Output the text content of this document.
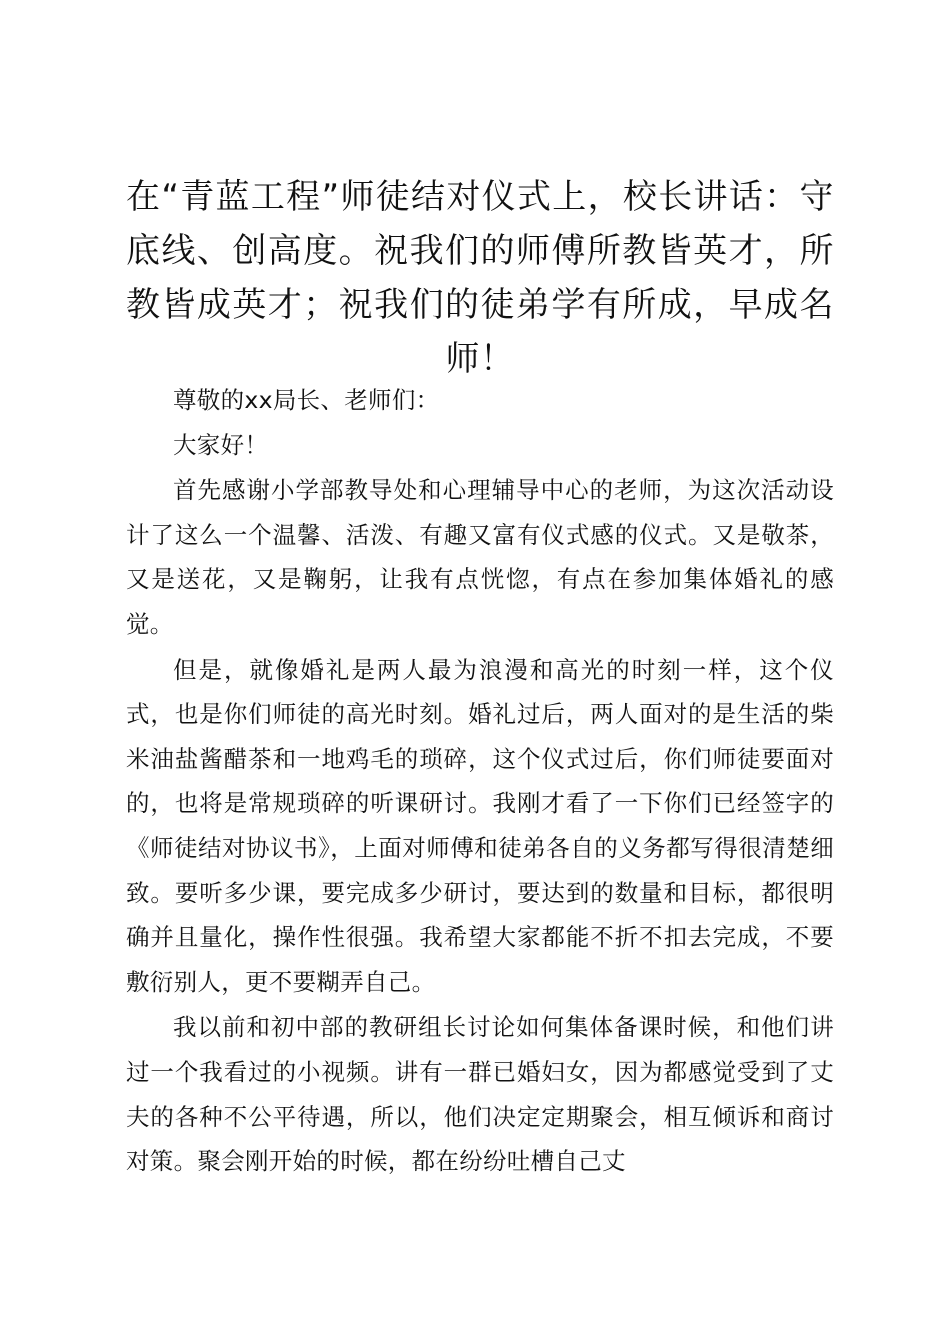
在“青蓝工程”师徒结对仪式上，校长讲话：守底线、创高度。祝我们的师傅所教皆英才，所教皆成英才；祝我们的徒弟学有所成，早成名师！

尊敬的xx局长、老师们：

大家好！

首先感谢小学部教导处和心理辅导中心的老师，为这次活动设计了这么一个温馨、活泼、有趣又富有仪式感的仪式。又是敬茶，又是送花，又是鞠躬，让我有点恍惚，有点在参加集体婚礼的感觉。

但是，就像婚礼是两人最为浪漫和高光的时刻一样，这个仪式，也是你们师徒的高光时刻。婚礼过后，两人面对的是生活的柴米油盐酱醋茶和一地鸡毛的琐碎，这个仪式过后，你们师徒要面对的，也将是常规琐碎的听课研讨。我刚才看了一下你们已经签字的《师徒结对协议书》，上面对师傅和徒弟各自的义务都写得很清楚细致。要听多少课，要完成多少研讨，要达到的数量和目标，都很明确并且量化，操作性很强。我希望大家都能不折不扣去完成，不要敷衍别人，更不要糊弄自己。

我以前和初中部的教研组长讨论如何集体备课时候，和他们讲过一个我看过的小视频。讲有一群已婚妇女，因为都感觉受到了丈夫的各种不公平待遇，所以，他们决定定期聚会，相互倾诉和商讨对策。聚会刚开始的时候，都在纷纷吐槽自己丈
